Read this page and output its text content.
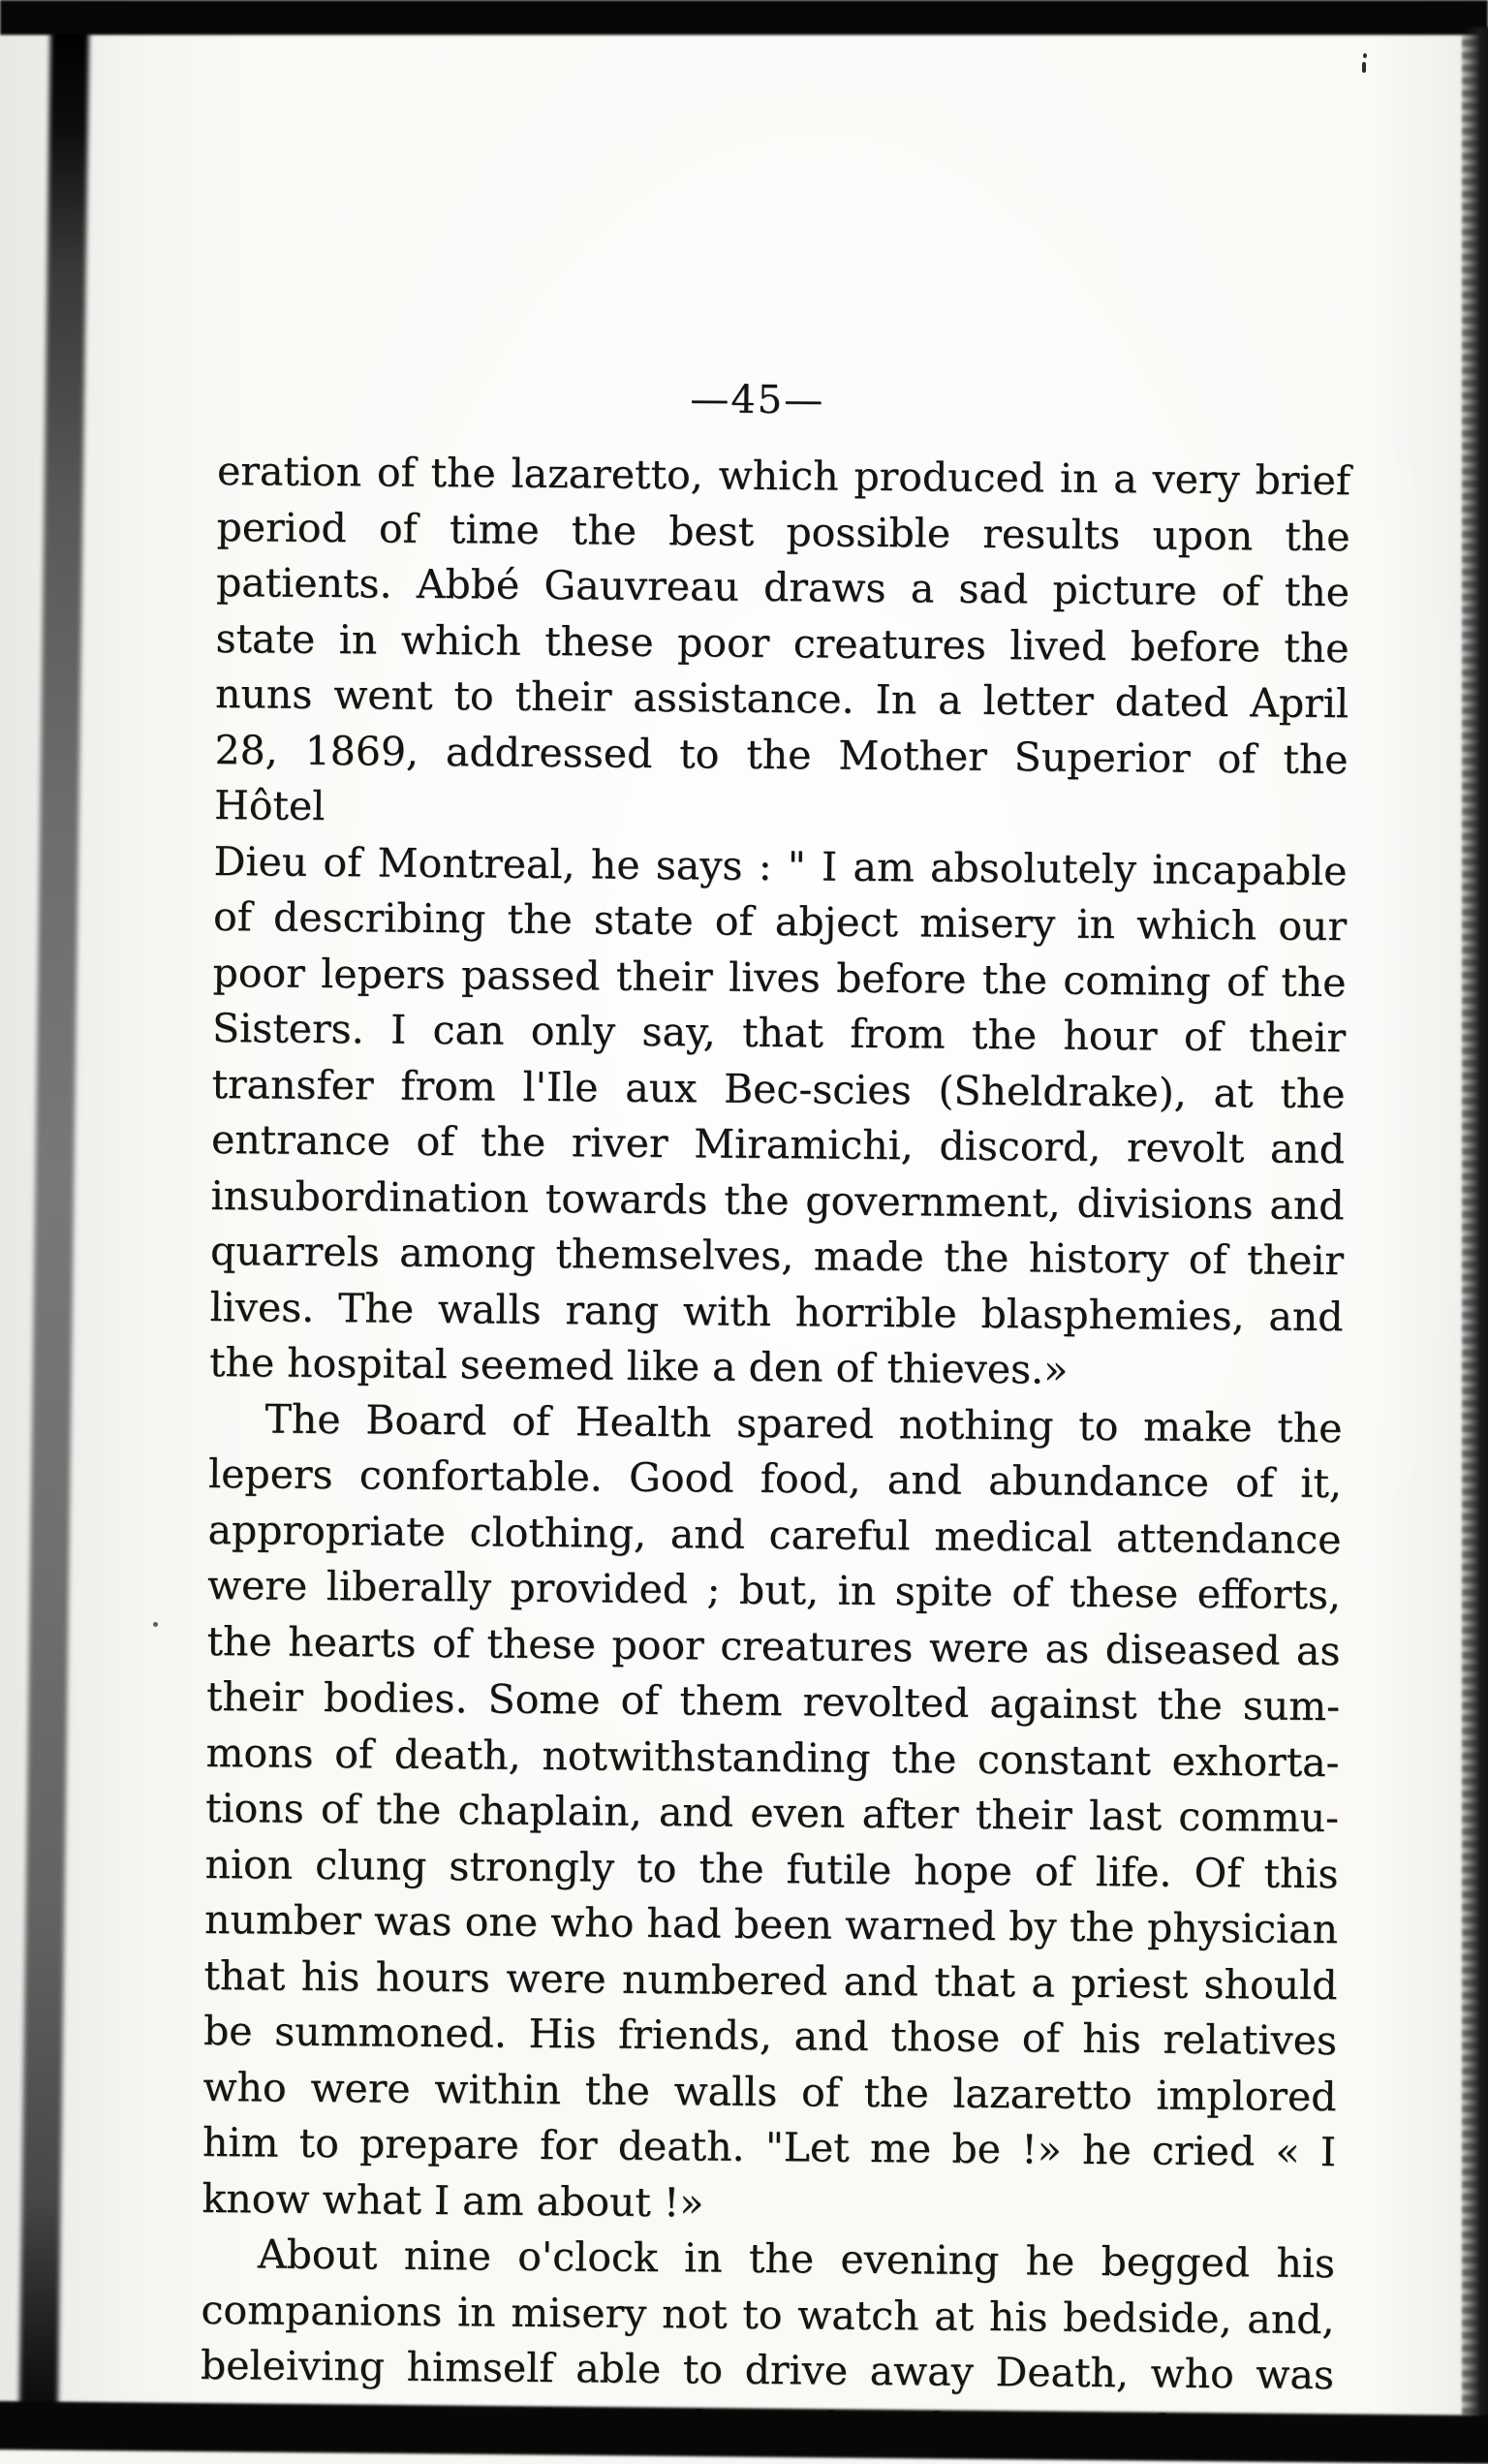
—45—
eration of the lazaretto, which produced in a very brief
period of time the best possible results upon the
patients. Abbé Gauvreau draws a sad picture of the
state in which these poor creatures lived before the
nuns went to their assistance. In a letter dated April
28, 1869, addressed to the Mother Superior of the Hôtel
Dieu of Montreal, he says : " I am absolutely incapable
of describing the state of abject misery in which our
poor lepers passed their lives before the coming of the
Sisters. I can only say, that from the hour of their
transfer from l'Ile aux Bec-scies (Sheldrake), at the
entrance of the river Miramichi, discord, revolt and
insubordination towards the government, divisions and
quarrels among themselves, made the history of their
lives. The walls rang with horrible blasphemies, and
the hospital seemed like a den of thieves.»
The Board of Health spared nothing to make the
lepers confortable. Good food, and abundance of it,
appropriate clothing, and careful medical attendance
were liberally provided ; but, in spite of these efforts,
the hearts of these poor creatures were as diseased as
their bodies. Some of them revolted against the sum-
mons of death, notwithstanding the constant exhorta-
tions of the chaplain, and even after their last commu-
nion clung strongly to the futile hope of life. Of this
number was one who had been warned by the physician
that his hours were numbered and that a priest should
be summoned. His friends, and those of his relatives
who were within the walls of the lazaretto implored
him to prepare for death. "Let me be !» he cried « I
know what I am about !»
About nine o'clock in the evening he begged his
companions in misery not to watch at his bedside, and,
beleiving himself able to drive away Death, who was
